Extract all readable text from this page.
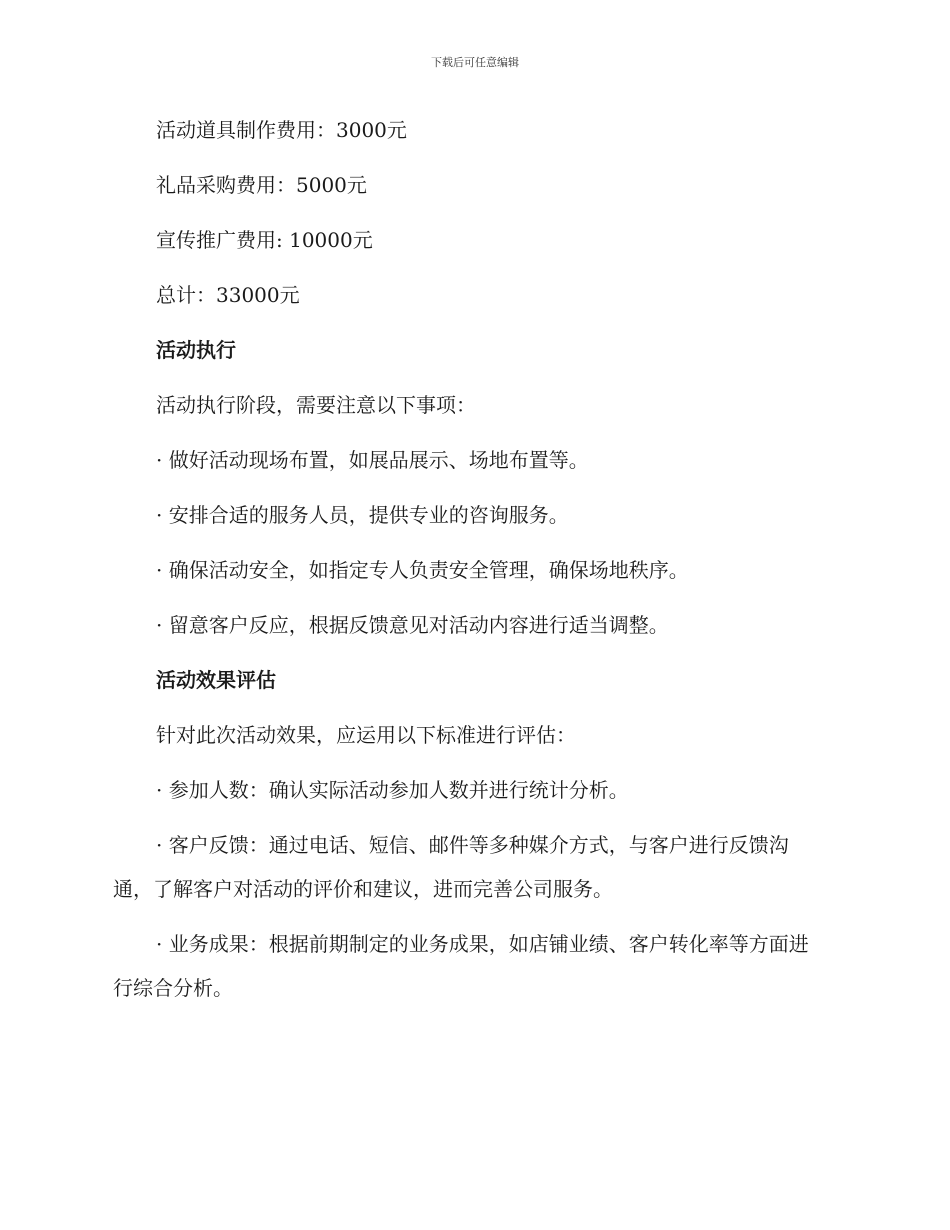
下载后可任意编辑

活动道具制作费用：3000元

礼品采购费用：5000元

宣传推广费用: 10000元

总计：33000元

活动执行

活动执行阶段，需要注意以下事项：

· 做好活动现场布置，如展品展示、场地布置等。

· 安排合适的服务人员，提供专业的咨询服务。

· 确保活动安全，如指定专人负责安全管理，确保场地秩序。

· 留意客户反应，根据反馈意见对活动内容进行适当调整。

活动效果评估

针对此次活动效果，应运用以下标准进行评估：

· 参加人数：确认实际活动参加人数并进行统计分析。

· 客户反馈：通过电话、短信、邮件等多种媒介方式，与客户进行反馈沟通，了解客户对活动的评价和建议，进而完善公司服务。

· 业务成果：根据前期制定的业务成果，如店铺业绩、客户转化率等方面进行综合分析。
